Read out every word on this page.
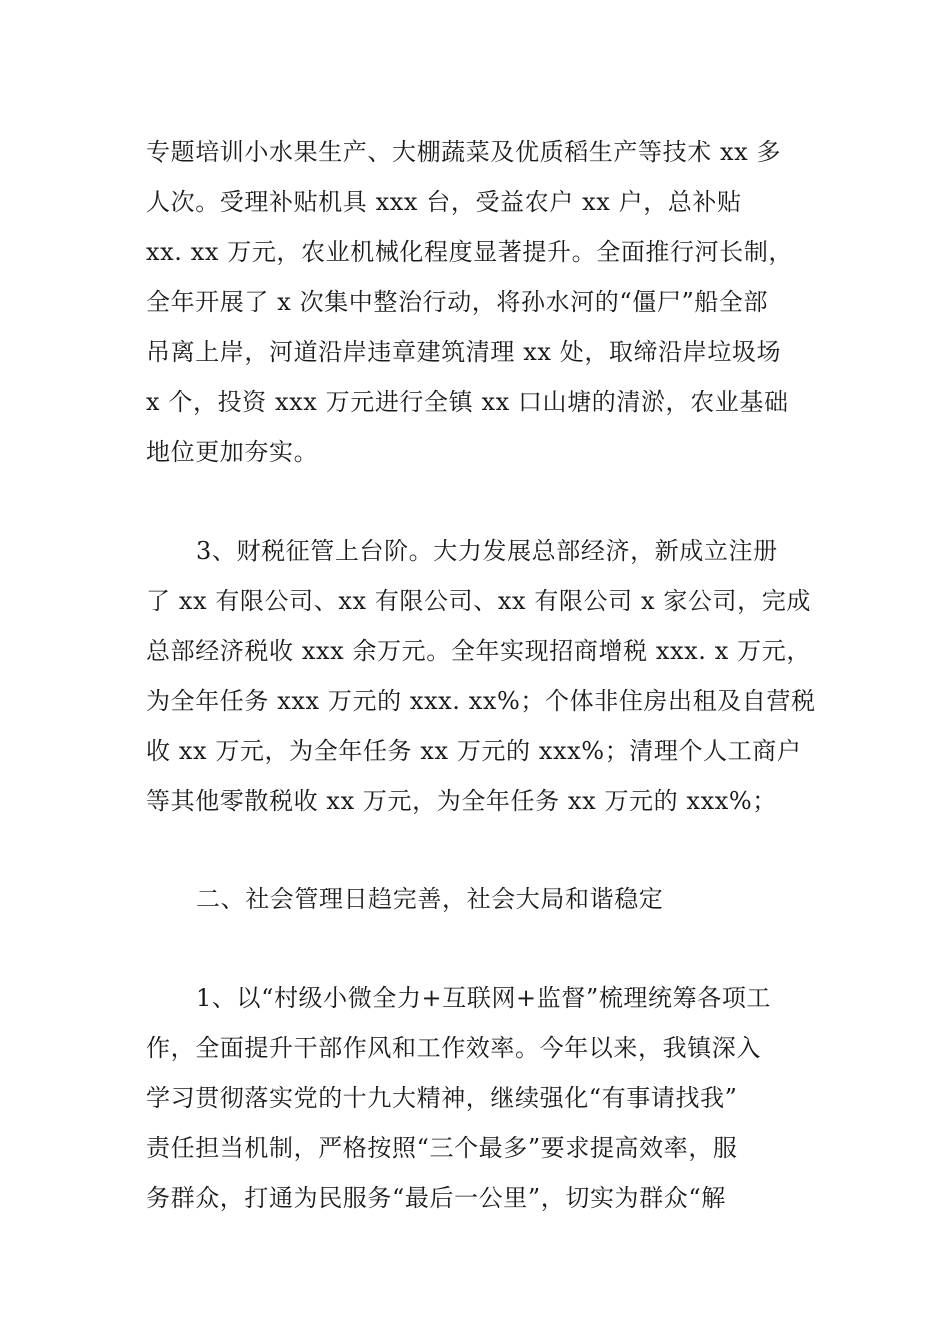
专题培训小水果生产、大棚蔬菜及优质稻生产等技术 xx 多
人次。受理补贴机具 xxx 台，受益农户 xx 户，总补贴
xx. xx 万元，农业机械化程度显著提升。全面推行河长制，
全年开展了 x 次集中整治行动，将孙水河的“僵尸”船全部
吊离上岸，河道沿岸违章建筑清理 xx 处，取缔沿岸垃圾场
x 个，投资 xxx 万元进行全镇 xx 口山塘的清淤，农业基础
地位更加夯实。
3、财税征管上台阶。大力发展总部经济，新成立注册
了 xx 有限公司、xx 有限公司、xx 有限公司 x 家公司，完成
总部经济税收 xxx 余万元。全年实现招商增税 xxx. x 万元，
为全年任务 xxx 万元的 xxx. xx%；个体非住房出租及自营税
收 xx 万元，为全年任务 xx 万元的 xxx%；清理个人工商户
等其他零散税收 xx 万元，为全年任务 xx 万元的 xxx%；
二、社会管理日趋完善，社会大局和谐稳定
1、以“村级小微全力+互联网+监督”梳理统筹各项工
作，全面提升干部作风和工作效率。今年以来，我镇深入
学习贯彻落实党的十九大精神，继续强化“有事请找我”
责任担当机制，严格按照“三个最多”要求提高效率，服
务群众，打通为民服务“最后一公里”，切实为群众“解
